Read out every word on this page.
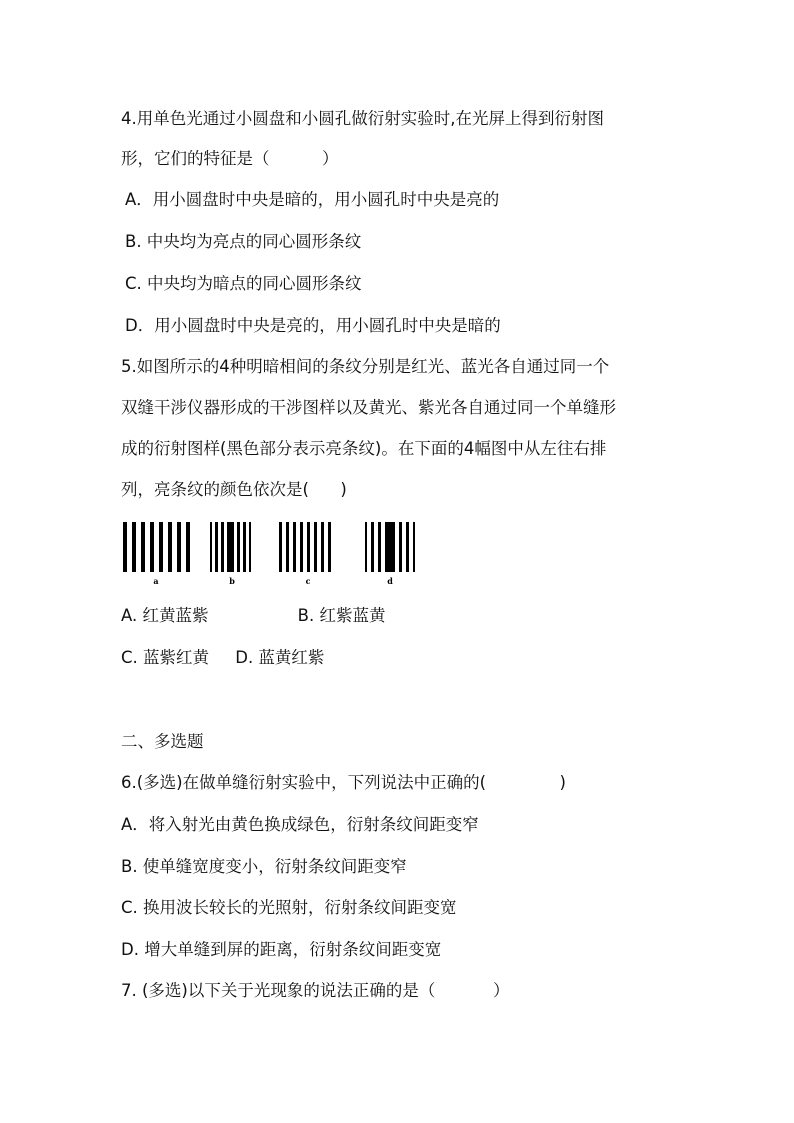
4.用单色光通过小圆盘和小圆孔做衍射实验时,在光屏上得到衍射图
形，它们的特征是（          ）
A．用小圆盘时中央是暗的，用小圆孔时中央是亮的
B. 中央均为亮点的同心圆形条纹
C. 中央均为暗点的同心圆形条纹
D．用小圆盘时中央是亮的，用小圆孔时中央是暗的
5.如图所示的4种明暗相间的条纹分别是红光、蓝光各自通过同一个
双缝干涉仪器形成的干涉图样以及黄光、紫光各自通过同一个单缝形
成的衍射图样(黑色部分表示亮条纹)。在下面的4幅图中从左往右排
列，亮条纹的颜色依次是(      )
a	b	c	d
A. 红黄蓝紫                 B. 红紫蓝黄
C. 蓝紫红黄     D. 蓝黄红紫
二、多选题
6.(多选)在做单缝衍射实验中，下列说法中正确的(              )
A．将入射光由黄色换成绿色，衍射条纹间距变窄
B. 使单缝宽度变小，衍射条纹间距变窄
C. 换用波长较长的光照射，衍射条纹间距变宽
D. 增大单缝到屏的距离，衍射条纹间距变宽
7. (多选)以下关于光现象的说法正确的是（           ）
